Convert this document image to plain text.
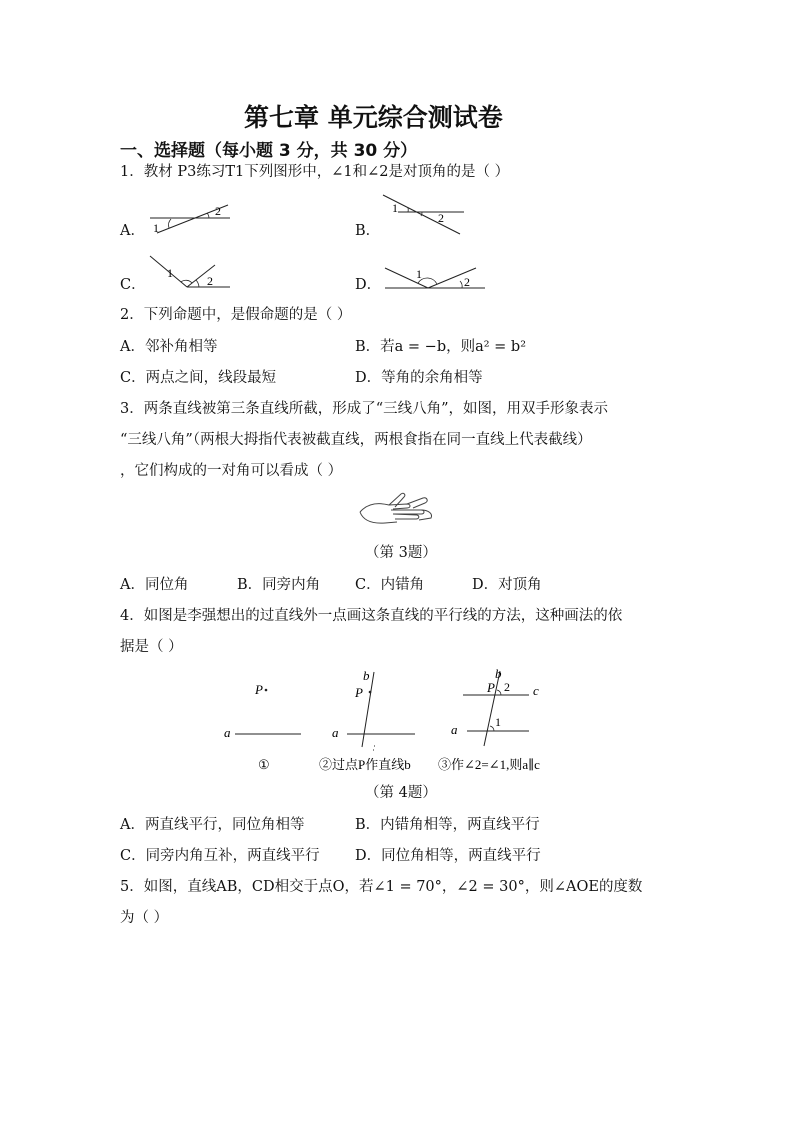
第七章 单元综合测试卷
一、选择题（每小题 3 分，共 30 分）
1．教材 P3练习T1下列图形中，∠1和∠2是对顶角的是（ ）
A． 1
2
B．
1
2
C．
1
2	D．
1
2
2．下列命题中，是假命题的是（ ）
A．邻补角相等	B．若a = −b，则a² = b²
C．两点之间，线段最短	D．等角的余角相等
3．两条直线被第三条直线所截，形成了“三线八角”，如图，用双手形象表示
“三线八角”（两根大拇指代表被截直线，两根食指在同一直线上代表截线）
，它们构成的一对角可以看成（ ）
（第 3题）
A．同位角	B．同旁内角 C．内错角	D．对顶角
4．如图是李强想出的过直线外一点画这条直线的平行线的方法，这种画法的依
据是（ ）
P
a	a
b
P
b
P 2
1
a
c
①	②过点P作直线b ③作∠2=∠1,则a∥c
（第 4题）
A．两直线平行，同位角相等	B．内错角相等，两直线平行
C．同旁内角互补，两直线平行 D．同位角相等，两直线平行
5．如图，直线AB，CD相交于点O，若∠1 = 70°，∠2 = 30°，则∠AOE的度数
为（ ）
